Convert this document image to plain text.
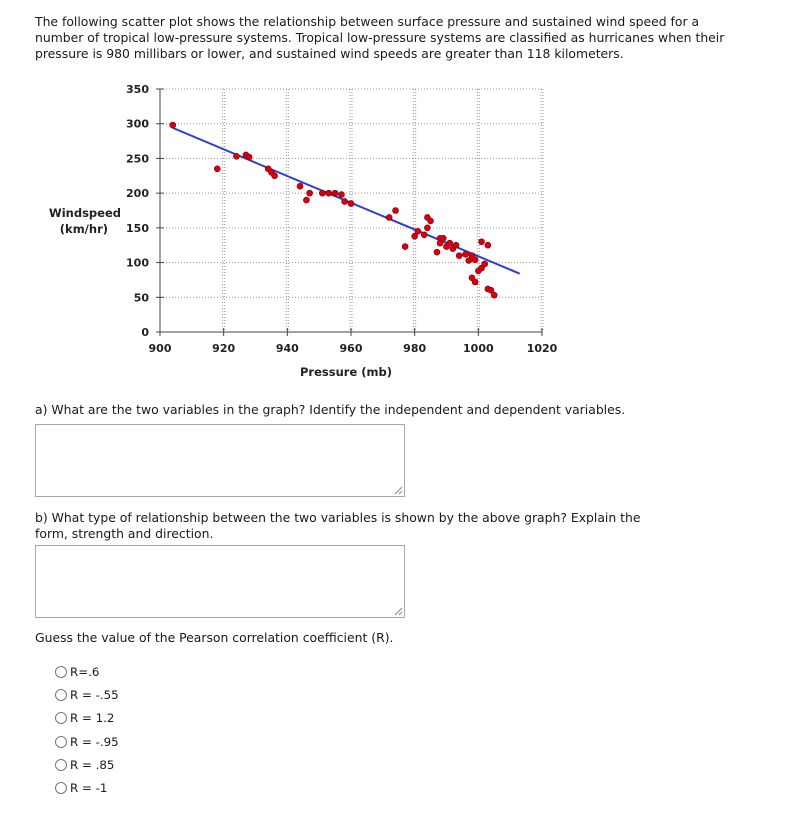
The following scatter plot shows the relationship between surface pressure and sustained wind speed for a number of tropical low-pressure systems. Tropical low-pressure systems are classified as hurricanes when their pressure is 980 millibars or lower, and sustained wind speeds are greater than 118 kilometers.
0
50
100
150
200
250
300
350
900	920	940	960	980	1000	1020
Windspeed
(km/hr)
Pressure (mb)
a) What are the two variables in the graph? Identify the independent and dependent variables.
b) What type of relationship between the two variables is shown by the above graph? Explain the form, strength and direction.
Guess the value of the Pearson correlation coefficient (R).
R=.6
R = -.55
R = 1.2
R = -.95
R = .85
R = -1
